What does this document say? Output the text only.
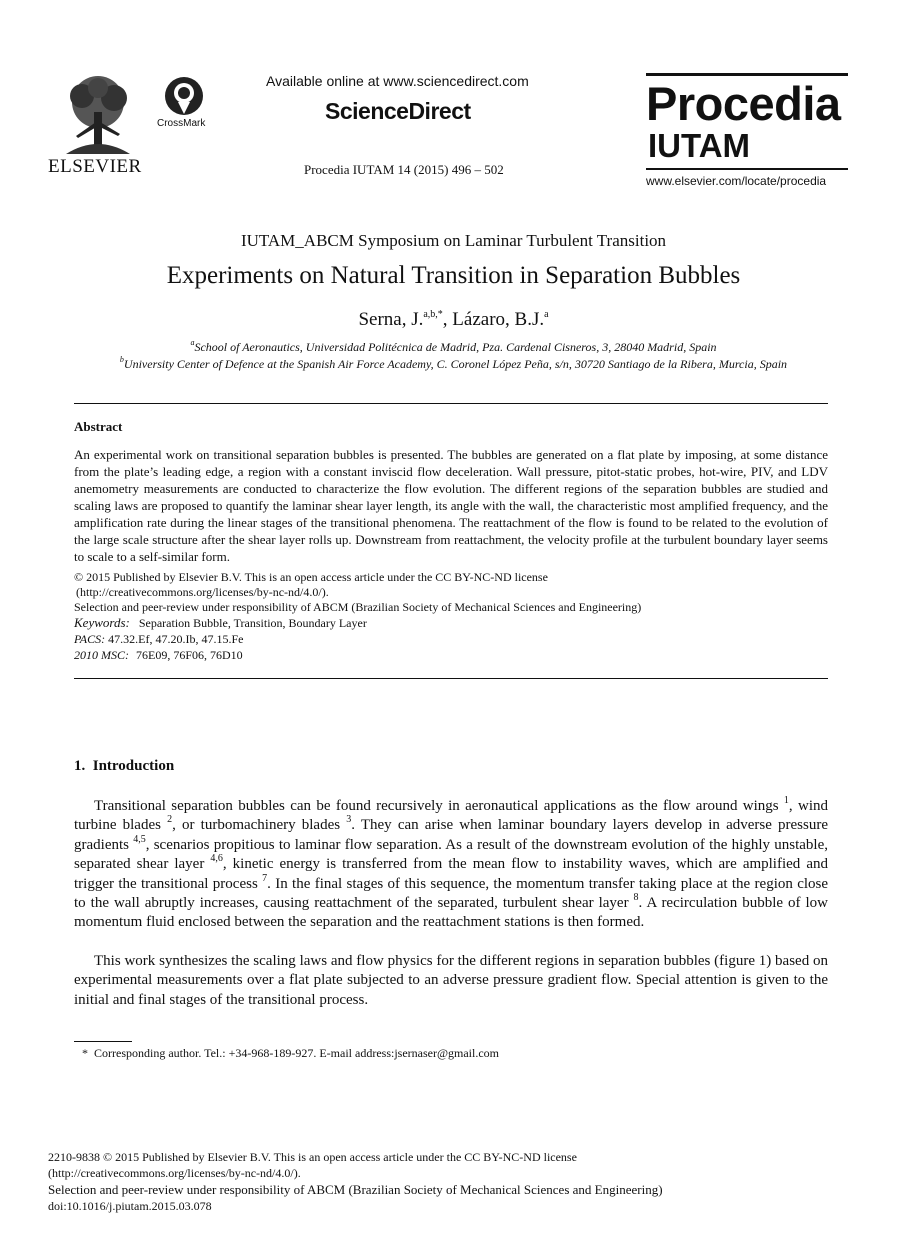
ELSEVIER
CrossMark
Available online at www.sciencedirect.com
ScienceDirect
Procedia IUTAM 14 (2015) 496 – 502
Procedia
IUTAM
www.elsevier.com/locate/procedia
IUTAM_ABCM Symposium on Laminar Turbulent Transition
Experiments on Natural Transition in Separation Bubbles
Serna, J.$^{a,b,*}$, Lázaro, B.J.$^a$
$^a$School of Aeronautics, Universidad Politécnica de Madrid, Pza. Cardenal Cisneros, 3, 28040 Madrid, Spain
$^b$University Center of Defence at the Spanish Air Force Academy, C. Coronel López Peña, s/n, 30720 Santiago de la Ribera, Murcia, Spain
Abstract
An experimental work on transitional separation bubbles is presented. The bubbles are generated on a flat plate by imposing, at some distance from the plate’s leading edge, a region with a constant inviscid flow deceleration. Wall pressure, pitot-static probes, hot-wire, PIV, and LDV anemometry measurements are conducted to characterize the flow evolution. The different regions of the separation bubbles are studied and scaling laws are proposed to quantify the laminar shear layer length, its angle with the wall, the characteristic most amplified frequency, and the amplification rate during the linear stages of the transitional phenomena. The reattachment of the flow is found to be related to the evolution of the large scale structure after the shear layer rolls up. Downstream from reattachment, the velocity profile at the turbulent boundary layer seems to scale to a self-similar form.
© 2015 Published by Elsevier B.V. This is an open access article under the CC BY-NC-ND license
(http://creativecommons.org/licenses/by-nc-nd/4.0/).
Selection and peer-review under responsibility of ABCM (Brazilian Society of Mechanical Sciences and Engineering)
Keywords: Separation Bubble, Transition, Boundary Layer
PACS: 47.32.Ef, 47.20.Ib, 47.15.Fe
2010 MSC: 76E09, 76F06, 76D10
1.  Introduction
Transitional separation bubbles can be found recursively in aeronautical applications as the flow around wings $^1$, wind turbine blades $^2$, or turbomachinery blades $^3$. They can arise when laminar boundary layers develop in adverse pressure gradients $^{4,5}$, scenarios propitious to laminar flow separation. As a result of the downstream evolution of the highly unstable, separated shear layer $^{4,6}$, kinetic energy is transferred from the mean flow to instability waves, which are amplified and trigger the transitional process $^7$. In the final stages of this sequence, the momentum transfer taking place at the region close to the wall abruptly increases, causing reattachment of the separated, turbulent shear layer $^8$. A recirculation bubble of low momentum fluid enclosed between the separation and the reattachment stations is then formed.
This work synthesizes the scaling laws and flow physics for the different regions in separation bubbles (figure 1) based on experimental measurements over a flat plate subjected to an adverse pressure gradient flow. Special attention is given to the initial and final stages of the transitional process.
* Corresponding author. Tel.: +34-968-189-927. E-mail address:jsernaser@gmail.com
2210-9838 © 2015 Published by Elsevier B.V. This is an open access article under the CC BY-NC-ND license
(http://creativecommons.org/licenses/by-nc-nd/4.0/).
Selection and peer-review under responsibility of ABCM (Brazilian Society of Mechanical Sciences and Engineering)
doi:10.1016/j.piutam.2015.03.078
